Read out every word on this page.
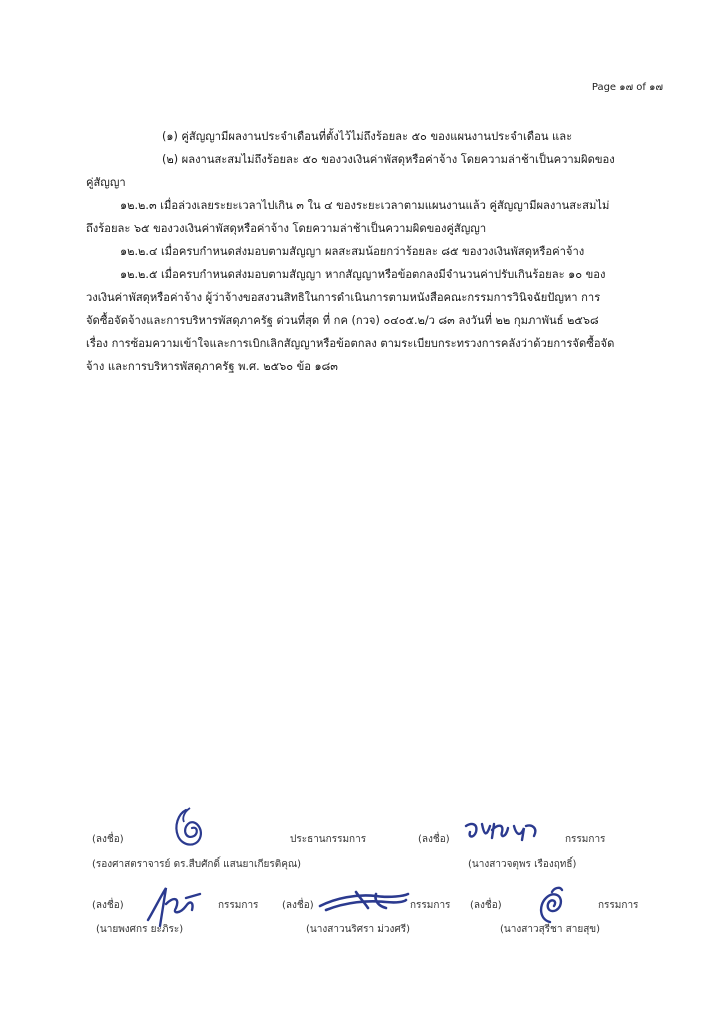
Page ๑๗ of ๑๗
(๑) คู่สัญญามีผลงานประจำเดือนที่ตั้งไว้ไม่ถึงร้อยละ ๕๐ ของแผนงานประจำเดือน และ
(๒) ผลงานสะสมไม่ถึงร้อยละ ๕๐ ของวงเงินค่าพัสดุหรือค่าจ้าง โดยความล่าช้าเป็นความผิดของ
คู่สัญญา
๑๒.๒.๓ เมื่อล่วงเลยระยะเวลาไปเกิน ๓ ใน ๔ ของระยะเวลาตามแผนงานแล้ว คู่สัญญามีผลงานสะสมไม่
ถึงร้อยละ ๖๕ ของวงเงินค่าพัสดุหรือค่าจ้าง โดยความล่าช้าเป็นความผิดของคู่สัญญา
๑๒.๒.๔ เมื่อครบกำหนดส่งมอบตามสัญญา ผลสะสมน้อยกว่าร้อยละ ๘๕ ของวงเงินพัสดุหรือค่าจ้าง
๑๒.๒.๕ เมื่อครบกำหนดส่งมอบตามสัญญา หากสัญญาหรือข้อตกลงมีจำนวนค่าปรับเกินร้อยละ ๑๐ ของ
วงเงินค่าพัสดุหรือค่าจ้าง ผู้ว่าจ้างขอสงวนสิทธิในการดำเนินการตามหนังสือคณะกรรมการวินิจฉัยปัญหา การ
จัดซื้อจัดจ้างและการบริหารพัสดุภาครัฐ ด่วนที่สุด ที่ กค (กวจ) ๐๔๐๕.๒/ว ๘๓ ลงวันที่ ๒๒ กุมภาพันธ์ ๒๕๖๘
เรื่อง การซ้อมความเข้าใจและการเบิกเลิกสัญญาหรือข้อตกลง ตามระเบียบกระทรวงการคลังว่าด้วยการจัดซื้อจัด
จ้าง และการบริหารพัสดุภาครัฐ พ.ศ. ๒๕๖๐ ข้อ ๑๘๓
(ลงชื่อ)	ประธานกรรมการ
(รองศาสตราจารย์ ดร.สืบศักดิ์ แสนยาเกียรติคุณ)
(ลงชื่อ)	กรรมการ
(นางสาวจตุพร เรืองฤทธิ์)
(ลงชื่อ)	กรรมการ
(นายพงศกร ยะภิระ)
(ลงชื่อ)	กรรมการ
(นางสาวนริศรา ม่วงศรี)
(ลงชื่อ)	กรรมการ
(นางสาวสุรีชา สายสุข)
